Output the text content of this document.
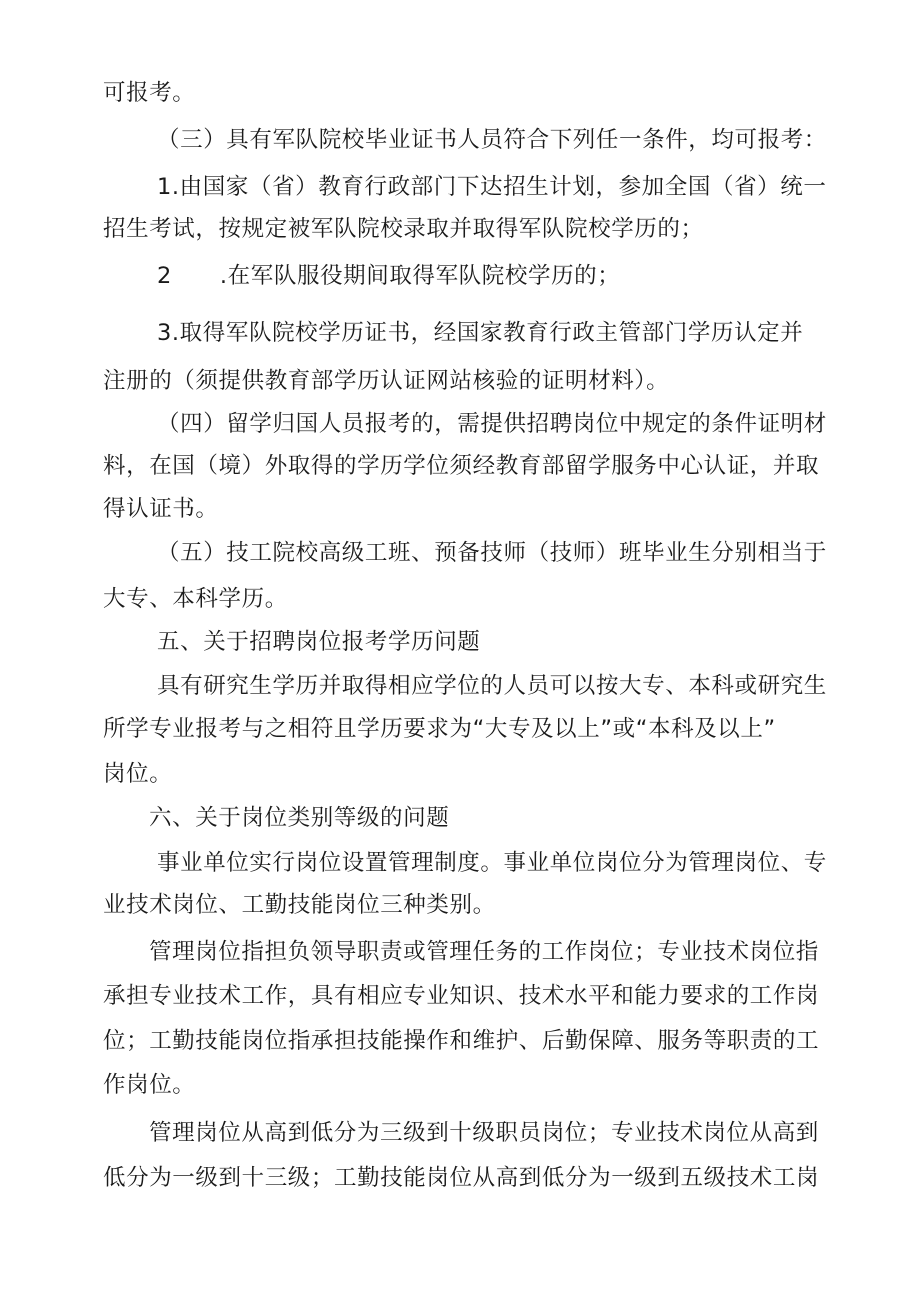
可报考。
（三）具有军队院校毕业证书人员符合下列任一条件，均可报考：
1.由国家（省）教育行政部门下达招生计划，参加全国（省）统一
招生考试，按规定被军队院校录取并取得军队院校学历的；
2 .在军队服役期间取得军队院校学历的；
3.取得军队院校学历证书，经国家教育行政主管部门学历认定并
注册的（须提供教育部学历认证网站核验的证明材料）。
（四）留学归国人员报考的，需提供招聘岗位中规定的条件证明材
料，在国（境）外取得的学历学位须经教育部留学服务中心认证，并取
得认证书。
（五）技工院校高级工班、预备技师（技师）班毕业生分别相当于
大专、本科学历。
五、关于招聘岗位报考学历问题
具有研究生学历并取得相应学位的人员可以按大专、本科或研究生
所学专业报考与之相符且学历要求为“大专及以上”或“本科及以上”
岗位。
六、关于岗位类别等级的问题
事业单位实行岗位设置管理制度。事业单位岗位分为管理岗位、专
业技术岗位、工勤技能岗位三种类别。
管理岗位指担负领导职责或管理任务的工作岗位；专业技术岗位指
承担专业技术工作，具有相应专业知识、技术水平和能力要求的工作岗
位；工勤技能岗位指承担技能操作和维护、后勤保障、服务等职责的工
作岗位。
管理岗位从高到低分为三级到十级职员岗位；专业技术岗位从高到
低分为一级到十三级；工勤技能岗位从高到低分为一级到五级技术工岗
